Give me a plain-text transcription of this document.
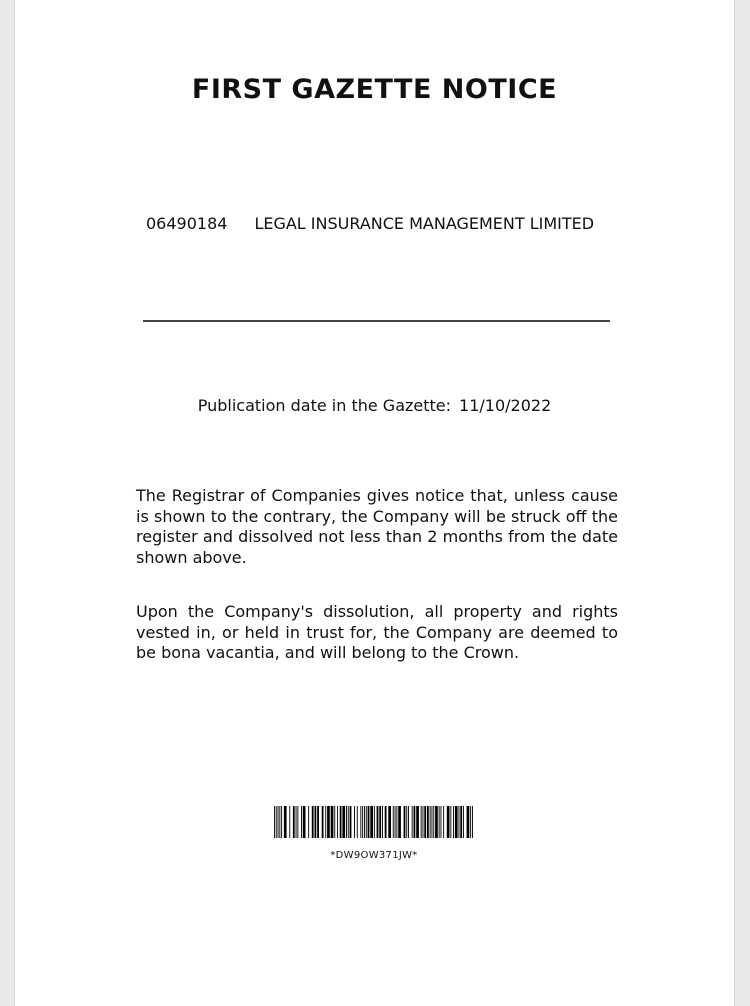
FIRST GAZETTE NOTICE
06490184 LEGAL INSURANCE MANAGEMENT LIMITED
Publication date in the Gazette: 11/10/2022

The Registrar of Companies gives notice that, unless cause is shown to the contrary, the Company will be struck off the register and dissolved not less than 2 months from the date shown above.

Upon the Company's dissolution, all property and rights vested in, or held in trust for, the Company are deemed to be bona vacantia, and will belong to the Crown.

*DW9OW371JW*
